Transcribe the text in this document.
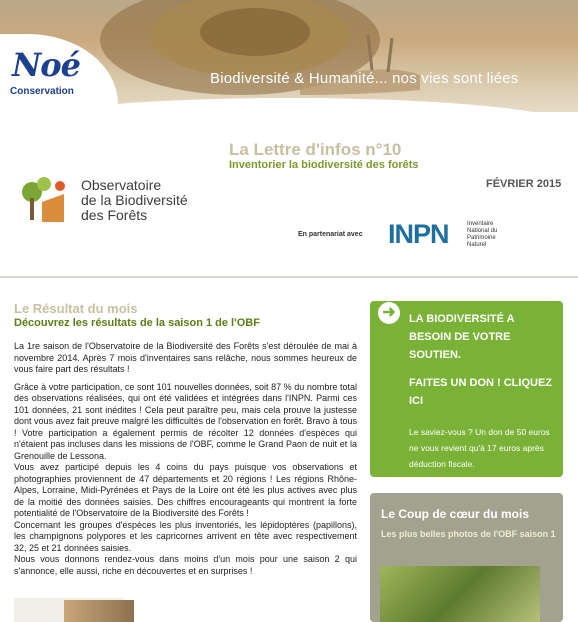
Noé
Conservation
Biodiversité & Humanité... nos vies sont liées
La Lettre d'infos n°10
Inventorier la biodiversité des forêts
FÉVRIER 2015
Observatoire
de la Biodiversité
des Forêts
En partenariat avec INPN	Inventaire National du Patrimoine Naturel
Le Résultat du mois
Découvrez les résultats de la saison 1 de l'OBF

La 1re saison de l'Observatoire de la Biodiversité des Forêts s'est déroulée de mai à novembre 2014. Après 7 mois d'inventaires sans relâche, nous sommes heureux de vous faire part des résultats !

Grâce à votre participation, ce sont 101 nouvelles données, soit 87 % du nombre total des observations réalisées, qui ont été validées et intégrées dans l'INPN. Parmi ces 101 données, 21 sont inédites ! Cela peut paraître peu, mais cela prouve la justesse dont vous avez fait preuve malgré les difficultés de l'observation en forêt. Bravo à tous ! Votre participation a également permis de récolter 12 données d'espèces qui n'étaient pas incluses dans les missions de l'OBF, comme le Grand Paon de nuit et la Grenouille de Lessona.

Vous avez participé depuis les 4 coins du pays puisque vos observations et photographies proviennent de 47 départements et 20 régions ! Les régions Rhône-Alpes, Lorraine, Midi-Pyrénées et Pays de la Loire ont été les plus actives avec plus de la moitié des données saisies. Des chiffres encourageants qui montrent la forte potentialité de l'Observatoire de la Biodiversité des Forêts !

Concernant les groupes d'espèces les plus inventoriés, les lépidoptères (papillons), les champignons polypores et les capricornes arrivent en tête avec respectivement 32, 25 et 21 données saisies.

Nous vous donnons rendez-vous dans moins d'un mois pour une saison 2 qui s'annonce, elle aussi, riche en découvertes et en surprises !

➜	LA BIODIVERSITÉ A BESOIN DE VOTRE SOUTIEN.
FAITES UN DON ! CLIQUEZ ICI
Le saviez-vous ? Un don de 50 euros ne vous revient qu'à 17 euros après déduction fiscale.
Le Coup de cœur du mois
Les plus belles photos de l'OBF saison 1
